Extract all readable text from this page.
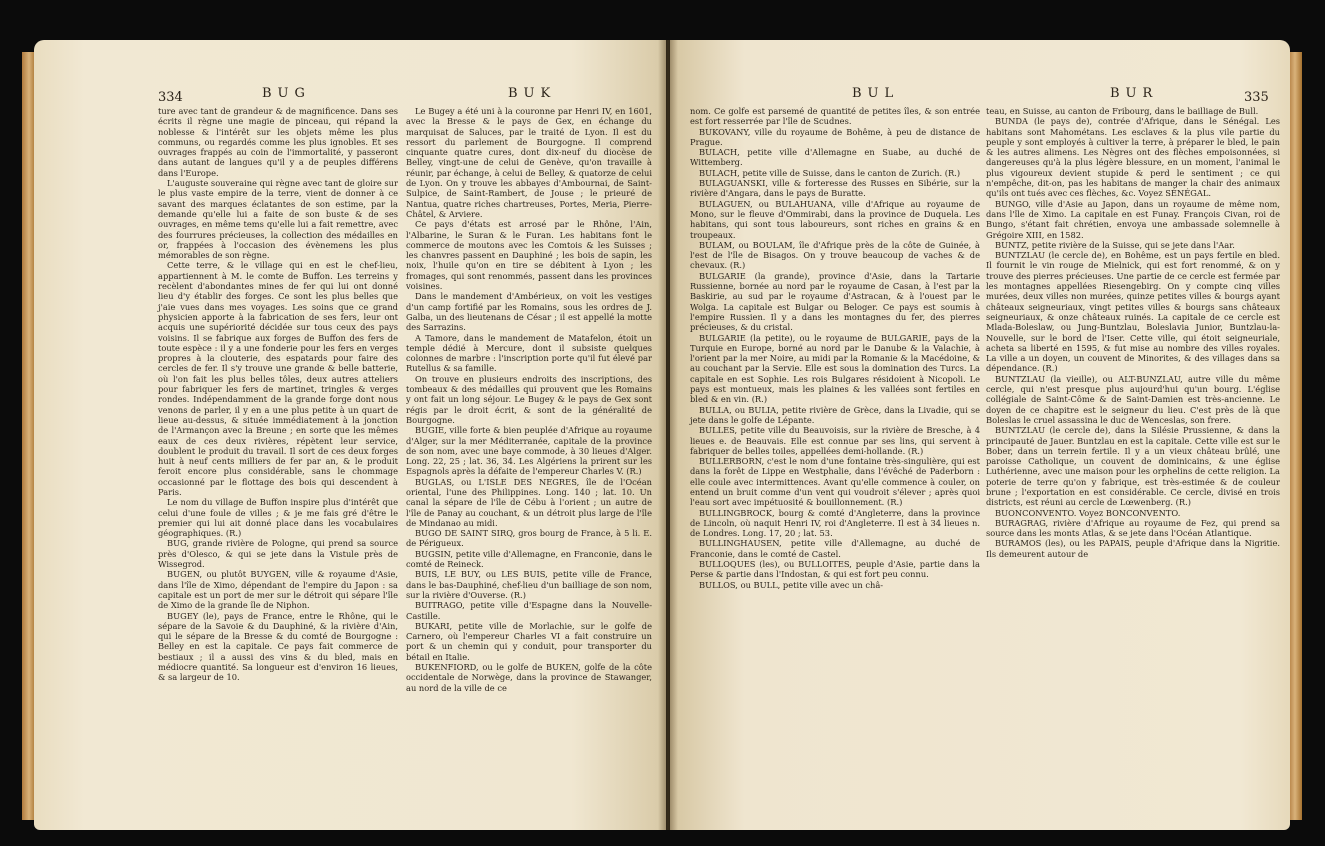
334	BUG	BUK

ture avec tant de grandeur & de magnificence. Dans ses écrits il règne une magie de pinceau, qui répand la noblesse & l'intérêt sur les objets même les plus communs, ou regardés comme les plus ignobles. Et ses ouvrages frappés au coin de l'immortalité, y passeront dans autant de langues qu'il y a de peuples différens dans l'Europe.

L'auguste souveraine qui règne avec tant de gloire sur le plus vaste empire de la terre, vient de donner à ce savant des marques éclatantes de son estime, par la demande qu'elle lui a faite de son buste & de ses ouvrages, en même tems qu'elle lui a fait remettre, avec des fourrures précieuses, la collection des médailles en or, frappées à l'occasion des évènemens les plus mémorables de son règne.

Cette terre, & le village qui en est le chef-lieu, appartiennent à M. le comte de Buffon. Les terreins y recèlent d'abondantes mines de fer qui lui ont donné lieu d'y établir des forges. Ce sont les plus belles que j'aie vues dans mes voyages. Les soins que ce grand physicien apporte à la fabrication de ses fers, leur ont acquis une supériorité décidée sur tous ceux des pays voisins. Il se fabrique aux forges de Buffon des fers de toute espèce : il y a une fonderie pour les fers en verges propres à la clouterie, des espatards pour faire des cercles de fer. Il s'y trouve une grande & belle batterie, où l'on fait les plus belles tôles, deux autres atteliers pour fabriquer les fers de martinet, tringles & verges rondes. Indépendamment de la grande forge dont nous venons de parler, il y en a une plus petite à un quart de lieue au-dessus, & située immédiatement à la jonction de l'Armançon avec la Breune ; en sorte que les mêmes eaux de ces deux rivières, répètent leur service, doublent le produit du travail. Il sort de ces deux forges huit à neuf cents milliers de fer par an, & le produit feroit encore plus considérable, sans le chommage occasionné par le flottage des bois qui descendent à Paris.

Le nom du village de Buffon inspire plus d'intérêt que celui d'une foule de villes ; & je me fais gré d'être le premier qui lui ait donné place dans les vocabulaires géographiques. (R.)

BUG, grande rivière de Pologne, qui prend sa source près d'Olesco, & qui se jete dans la Vistule près de Wissegrod.

BUGEN, ou plutôt BUYGEN, ville & royaume d'Asie, dans l'île de Ximo, dépendant de l'empire du Japon : sa capitale est un port de mer sur le détroit qui sépare l'île de Ximo de la grande île de Niphon.

BUGEY (le), pays de France, entre le Rhône, qui le sépare de la Savoie & du Dauphiné, & la rivière d'Ain, qui le sépare de la Bresse & du comté de Bourgogne : Belley en est la capitale. Ce pays fait commerce de bestiaux ; il a aussi des vins & du bled, mais en médiocre quantité. Sa longueur est d'environ 16 lieues, & sa largeur de 10.

Le Bugey a été uni à la couronne par Henri IV, en 1601, avec la Bresse & le pays de Gex, en échange du marquisat de Saluces, par le traité de Lyon. Il est du ressort du parlement de Bourgogne. Il comprend cinquante quatre cures, dont dix-neuf du diocèse de Belley, vingt-une de celui de Genève, qu'on travaille à réunir, par échange, à celui de Belley, & quatorze de celui de Lyon. On y trouve les abbayes d'Ambournai, de Saint-Sulpice, de Saint-Rambert, de Jouse ; le prieuré de Nantua, quatre riches chartreuses, Portes, Meria, Pierre-Châtel, & Arviere.

Ce pays d'états est arrosé par le Rhône, l'Ain, l'Albarine, le Suran & le Furan. Les habitans font le commerce de moutons avec les Comtois & les Suisses ; les chanvres passent en Dauphiné ; les bois de sapin, les noix, l'huile qu'on en tire se débitent à Lyon ; les fromages, qui sont renommés, passent dans les provinces voisines.

Dans le mandement d'Ambérieux, on voit les vestiges d'un camp fortifié par les Romains, sous les ordres de J. Galba, un des lieutenans de César ; il est appellé la motte des Sarrazins.

A Tamore, dans le mandement de Matafelon, étoit un temple dédié à Mercure, dont il subsiste quelques colonnes de marbre : l'inscription porte qu'il fut élevé par Rutellus & sa famille.

On trouve en plusieurs endroits des inscriptions, des tombeaux & des médailles qui prouvent que les Romains y ont fait un long séjour. Le Bugey & le pays de Gex sont régis par le droit écrit, & sont de la généralité de Bourgogne.

BUGIE, ville forte & bien peuplée d'Afrique au royaume d'Alger, sur la mer Méditerranée, capitale de la province de son nom, avec une baye commode, à 30 lieues d'Alger. Long. 22, 25 ; lat. 36, 34. Les Algériens la prirent sur les Espagnols après la défaite de l'empereur Charles V. (R.)

BUGLAS, ou L'ISLE DES NEGRES, île de l'Océan oriental, l'une des Philippines. Long. 140 ; lat. 10. Un canal la sépare de l'île de Cébu à l'orient ; un autre de l'île de Panay au couchant, & un détroit plus large de l'île de Mindanao au midi.

BUGO DE SAINT SIRQ, gros bourg de France, à 5 li. E. de Périgueux.

BUGSIN, petite ville d'Allemagne, en Franconie, dans le comté de Reineck.

BUIS, LE BUY, ou LES BUIS, petite ville de France, dans le bas-Dauphiné, chef-lieu d'un bailliage de son nom, sur la rivière d'Ouverse. (R.)

BUITRAGO, petite ville d'Espagne dans la Nouvelle-Castille.

BUKARI, petite ville de Morlachie, sur le golfe de Carnero, où l'empereur Charles VI a fait construire un port & un chemin qui y conduit, pour transporter du bétail en Italie.

BUKENFIORD, ou le golfe de BUKEN, golfe de la côte occidentale de Norwège, dans la province de Stawanger, au nord de la ville de ce

BUL	BUR	335

nom. Ce golfe est parsemé de quantité de petites îles, & son entrée est fort resserrée par l'île de Scudnes.

BUKOVANY, ville du royaume de Bohême, à peu de distance de Prague.

BULACH, petite ville d'Allemagne en Suabe, au duché de Wittemberg.

BULACH, petite ville de Suisse, dans le canton de Zurich. (R.)

BULAGUANSKI, ville & forteresse des Russes en Sibérie, sur la rivière d'Angara, dans le pays de Buratte.

BULAGUEN, ou BULAHUANA, ville d'Afrique au royaume de Mono, sur le fleuve d'Ommirabi, dans la province de Duquela. Les habitans, qui sont tous laboureurs, sont riches en grains & en troupeaux.

BULAM, ou BOULAM, île d'Afrique près de la côte de Guinée, à l'est de l'île de Bisagos. On y trouve beaucoup de vaches & de chevaux. (R.)

BULGARIE (la grande), province d'Asie, dans la Tartarie Russienne, bornée au nord par le royaume de Casan, à l'est par la Baskirie, au sud par le royaume d'Astracan, & à l'ouest par le Wolga. La capitale est Bulgar ou Beloger. Ce pays est soumis à l'empire Russien. Il y a dans les montagnes du fer, des pierres précieuses, & du cristal.

BULGARIE (la petite), ou le royaume de BULGARIE, pays de la Turquie en Europe, borné au nord par le Danube & la Valachie, à l'orient par la mer Noire, au midi par la Romanie & la Macédoine, & au couchant par la Servie. Elle est sous la domination des Turcs. La capitale en est Sophie. Les rois Bulgares résidoient à Nicopoli. Le pays est montueux, mais les plaines & les vallées sont fertiles en bled & en vin. (R.)

BULLA, ou BULIA, petite rivière de Grèce, dans la Livadie, qui se jete dans le golfe de Lépante.

BULLES, petite ville du Beauvoisis, sur la rivière de Bresche, à 4 lieues e. de Beauvais. Elle est connue par ses lins, qui servent à fabriquer de belles toiles, appellées demi-hollande. (R.)

BULLERBORN, c'est le nom d'une fontaine très-singulière, qui est dans la forêt de Lippe en Westphalie, dans l'évêché de Paderborn : elle coule avec intermittences. Avant qu'elle commence à couler, on entend un bruit comme d'un vent qui voudroit s'élever ; après quoi l'eau sort avec impétuosité & bouillonnement. (R.)

BULLINGBROCK, bourg & comté d'Angleterre, dans la province de Lincoln, où naquit Henri IV, roi d'Angleterre. Il est à 34 lieues n. de Londres. Long. 17, 20 ; lat. 53.

BULLINGHAUSEN, petite ville d'Allemagne, au duché de Franconie, dans le comté de Castel.

BULLOQUES (les), ou BULLOITES, peuple d'Asie, partie dans la Perse & partie dans l'Indostan, & qui est fort peu connu.

BULLOS, ou BULL, petite ville avec un châ-

teau, en Suisse, au canton de Fribourg, dans le bailliage de Bull.

BUNDA (le pays de), contrée d'Afrique, dans le Sénégal. Les habitans sont Mahométans. Les esclaves & la plus vile partie du peuple y sont employés à cultiver la terre, à préparer le bled, le pain & les autres alimens. Les Nègres ont des flèches empoisonnées, si dangereuses qu'à la plus légère blessure, en un moment, l'animal le plus vigoureux devient stupide & perd le sentiment ; ce qui n'empêche, dit-on, pas les habitans de manger la chair des animaux qu'ils ont tués avec ces flèches, &c. Voyez SÉNÉGAL.

BUNGO, ville d'Asie au Japon, dans un royaume de même nom, dans l'île de Ximo. La capitale en est Funay. François Civan, roi de Bungo, s'étant fait chrétien, envoya une ambassade solemnelle à Grégoire XIII, en 1582.

BUNTZ, petite rivière de la Suisse, qui se jete dans l'Aar.

BUNTZLAU (le cercle de), en Bohême, est un pays fertile en bled. Il fournit le vin rouge de Mielnick, qui est fort renommé, & on y trouve des pierres précieuses. Une partie de ce cercle est fermée par les montagnes appellées Riesengebirg. On y compte cinq villes murées, deux villes non murées, quinze petites villes & bourgs ayant châteaux seigneuriaux, vingt petites villes & bourgs sans châteaux seigneuriaux, & onze châteaux ruinés. La capitale de ce cercle est Mlada-Boleslaw, ou Jung-Buntzlau, Boleslavia Junior, Buntzlau-la-Nouvelle, sur le bord de l'Iser. Cette ville, qui étoit seigneuriale, acheta sa liberté en 1595, & fut mise au nombre des villes royales. La ville a un doyen, un couvent de Minorites, & des villages dans sa dépendance. (R.)

BUNTZLAU (la vieille), ou ALT-BUNZLAU, autre ville du même cercle, qui n'est presque plus aujourd'hui qu'un bourg. L'église collégiale de Saint-Côme & de Saint-Damien est très-ancienne. Le doyen de ce chapitre est le seigneur du lieu. C'est près de là que Boleslas le cruel assassina le duc de Wenceslas, son frere.

BUNTZLAU (le cercle de), dans la Silésie Prussienne, & dans la principauté de Jauer. Buntzlau en est la capitale. Cette ville est sur le Bober, dans un terrein fertile. Il y a un vieux château brûlé, une paroisse Catholique, un couvent de dominicains, & une église Luthérienne, avec une maison pour les orphelins de cette religion. La poterie de terre qu'on y fabrique, est très-estimée & de couleur brune ; l'exportation en est considérable. Ce cercle, divisé en trois districts, est réuni au cercle de Lœwenberg. (R.)

BUONCONVENTO. Voyez BONCONVENTO.

BURAGRAG, rivière d'Afrique au royaume de Fez, qui prend sa source dans les monts Atlas, & se jete dans l'Océan Atlantique.

BURAMOS (les), ou les PAPAIS, peuple d'Afrique dans la Nigritie. Ils demeurent autour de
